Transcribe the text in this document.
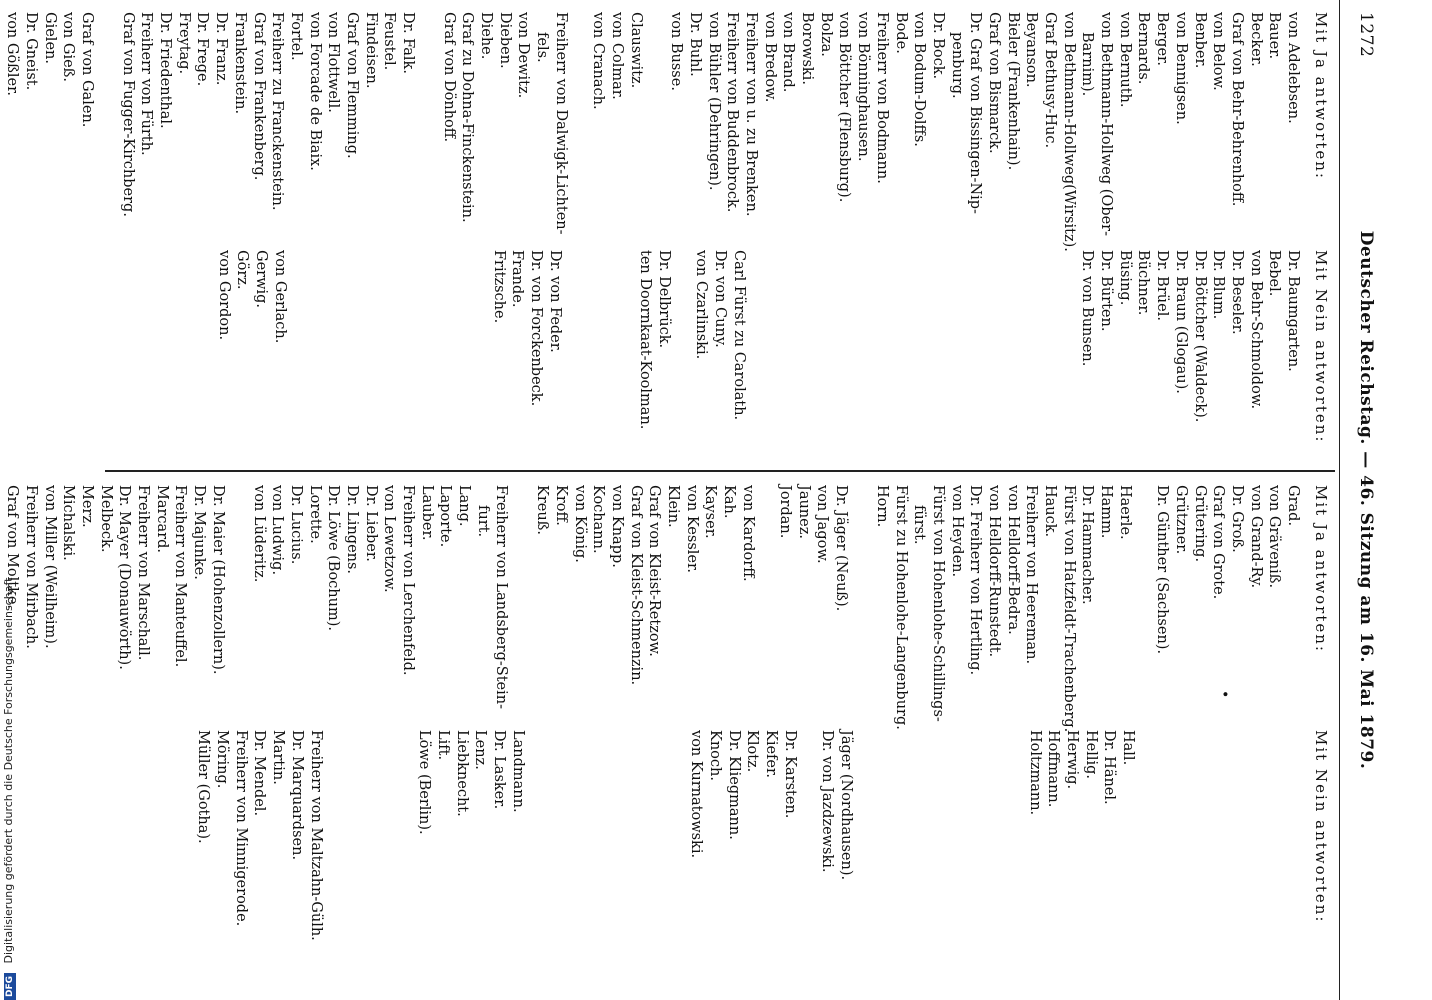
1272
Deutscher Reichstag. — 46. Sitzung am 16. Mai 1879.
Mit Ja antworten:
von Adelebsen.
Bauer.
Becker.
Graf von Behr-Behrenhoff.
von Below.
Benber.
von Bennigsen.
Berger.
Bernards.
von Bernuth.
von Bethmann-Hollweg (Ober-
Barnim).
von Bethmann-Hollweg(Wirsitz).
Graf Bethusy-Huc.
Beyanson.
Bieler (Frankenhain).
Graf von Bismarck.
Dr. Graf von Bissingen-Nip-
penburg.
Dr. Bock.
von Bodum-Dolffs.
Bode.
Freiherr von Bodmann.
von Bönninghausen.
von Böttcher (Flensburg).
Bolza.
Borowski.
von Brand.
von Bredow.
Freiherr von u. zu Brenken.
Freiherr von Buddenbrock.
von Bühler (Dehringen).
Dr. Buhl.
von Busse.
Clauswitz.
von Colmar.
von Cranach.
Freiherr von Dalwigk-Lichten-
fels.
von Dewitz.
Dieben.
Diehe.
Graf zu Dohna-Finckenstein.
Graf von Dönhoff.
Dr. Falk.
Feustel.
Findeisen.
Graf von Flemming.
von Flottwell.
von Forcade de Biaix.
Fortel.
Freiherr zu Franckenstein.
Graf von Frankenberg.
Frankenstein.
Dr. Franz.
Dr. Frege.
Freytag.
Dr. Friedenthal.
Freiherr von Fürth.
Graf von Fugger-Kirchberg.
Graf von Galen.
von Gieß.
Gielen.
Dr. Gneist.
von Gößler.
Mit Nein antworten:
Dr. Baumgarten.
Bebel.
von Behr-Schmoldow.
Dr. Beseler.
Dr. Blum.
Dr. Böttcher (Waldeck).
Dr. Braun (Glogau).
Dr. Brüel.
Büchner.
Büsing.
Dr. Bürten.
Dr. von Bunsen.
Carl Fürst zu Carolath.
Dr. von Cuny.
von Czarlinski.
Dr. Delbrück.
ten Doornkaat-Koolman.
Dr. von Feder.
Dr. von Forckenbeck.
Frande.
Fritzsche.
von Gerlach.
Gerwig.
Görz.
von Gordon.
Mit Ja antworten:
Grad.
von Gräveniß.
von Grand-Ry.
Dr. Groß.
Graf von Grote.
Grütering.
Grützner.
Dr. Günther (Sachsen).
Haerle.
Hamm.
Dr. Hammacher.
Fürst von Hatzfeldt-Trachenberg.
Hauck.
Freiherr von Heereman.
von Helldorff-Bedra.
von Helldorff-Runstedt.
Dr. Freiherr von Hertling.
von Heyden.
Fürst von Hohenlohe-Schillings-
fürst.
Fürst zu Hohenlohe-Langenburg.
Horn.
Dr. Jäger (Neuß).
von Jagow.
Jaunez.
Jordan.
von Kardorff.
Kah.
Kayser.
von Kessler.
Klein.
Graf von Kleist-Retzow.
Graf von Kleist-Schmenzin.
von Knapp.
Kochann.
von König.
Kroff.
Kreuß.
Freiherr von Landsberg-Stein-
furt.
Lang.
Laporte.
Lauber.
Freiherr von Lerchenfeld.
von Lewetzow.
Dr. Lieber.
Dr. Lingens.
Dr. Löwe (Bochum).
Lorette.
Dr. Lucius.
von Ludwig.
von Lüderitz.
Dr. Maier (Hohenzollern).
Dr. Majunke.
Freiherr von Manteuffel.
Marcard.
Freiherr von Marschall.
Dr. Mayer (Donauwörth).
Melbeck.
Merz.
Michalski.
von Miller (Weilheim).
Freiherr von Mirbach.
Graf von Moltke.
•
Mit Nein antworten:
Hall.
Dr. Hänel.
Hellig.
Herwig.
Hoffmann.
Holtzmann.
Jäger (Nordhausen).
Dr. von Jazdzewski.
Dr. Karsten.
Kiefer.
Klotz.
Dr. Kliegmann.
Knoch.
von Kurnatowski.
Landmann.
Dr. Lasker.
Lenz.
Liebknecht.
Lift.
Löwe (Berlin).
Freiherr von Maltzahn-Gülh.
Dr. Marquardsen.
Martin.
Dr. Mendel.
Freiherr von Minnigerode.
Möring.
Müller (Gotha).
DFG Digitalisierung gefördert durch die Deutsche Forschungsgemeinschaft
